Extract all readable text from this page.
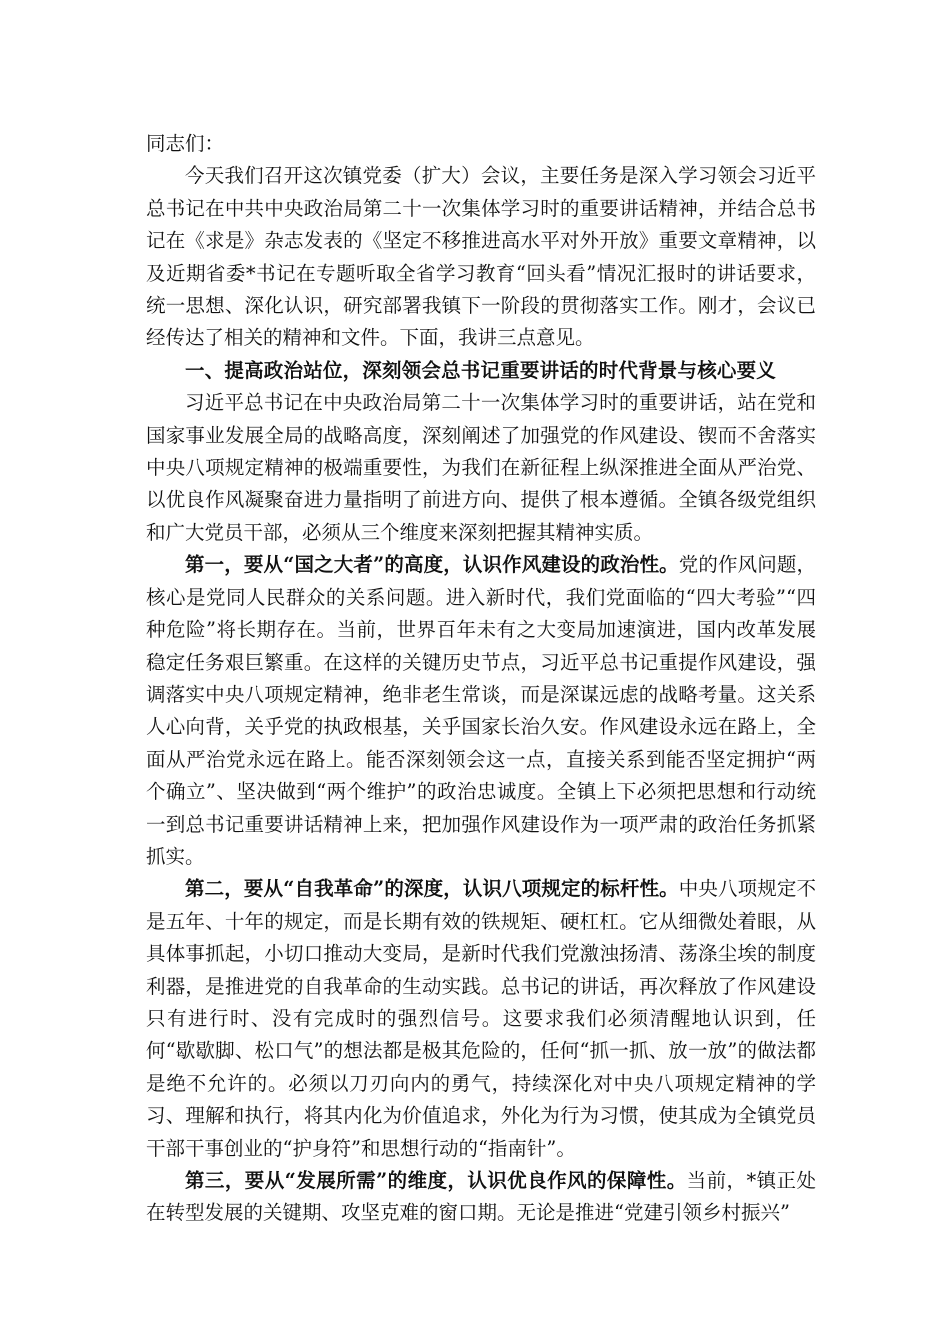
同志们：

今天我们召开这次镇党委（扩大）会议，主要任务是深入学习领会习近平总书记在中共中央政治局第二十一次集体学习时的重要讲话精神，并结合总书记在《求是》杂志发表的《坚定不移推进高水平对外开放》重要文章精神，以及近期省委*书记在专题听取全省学习教育“回头看”情况汇报时的讲话要求，统一思想、深化认识，研究部署我镇下一阶段的贯彻落实工作。刚才，会议已经传达了相关的精神和文件。下面，我讲三点意见。

一、提高政治站位，深刻领会总书记重要讲话的时代背景与核心要义

习近平总书记在中央政治局第二十一次集体学习时的重要讲话，站在党和国家事业发展全局的战略高度，深刻阐述了加强党的作风建设、锲而不舍落实中央八项规定精神的极端重要性，为我们在新征程上纵深推进全面从严治党、以优良作风凝聚奋进力量指明了前进方向、提供了根本遵循。全镇各级党组织和广大党员干部，必须从三个维度来深刻把握其精神实质。

第一，要从“国之大者”的高度，认识作风建设的政治性。党的作风问题，核心是党同人民群众的关系问题。进入新时代，我们党面临的“四大考验”“四种危险”将长期存在。当前，世界百年未有之大变局加速演进，国内改革发展稳定任务艰巨繁重。在这样的关键历史节点，习近平总书记重提作风建设，强调落实中央八项规定精神，绝非老生常谈，而是深谋远虑的战略考量。这关系人心向背，关乎党的执政根基，关乎国家长治久安。作风建设永远在路上，全面从严治党永远在路上。能否深刻领会这一点，直接关系到能否坚定拥护“两个确立”、坚决做到“两个维护”的政治忠诚度。全镇上下必须把思想和行动统一到总书记重要讲话精神上来，把加强作风建设作为一项严肃的政治任务抓紧抓实。

第二，要从“自我革命”的深度，认识八项规定的标杆性。中央八项规定不是五年、十年的规定，而是长期有效的铁规矩、硬杠杠。它从细微处着眼，从具体事抓起，小切口推动大变局，是新时代我们党激浊扬清、荡涤尘埃的制度利器，是推进党的自我革命的生动实践。总书记的讲话，再次释放了作风建设只有进行时、没有完成时的强烈信号。这要求我们必须清醒地认识到，任何“歇歇脚、松口气”的想法都是极其危险的，任何“抓一抓、放一放”的做法都是绝不允许的。必须以刀刃向内的勇气，持续深化对中央八项规定精神的学习、理解和执行，将其内化为价值追求，外化为行为习惯，使其成为全镇党员干部干事创业的“护身符”和思想行动的“指南针”。

第三，要从“发展所需”的维度，认识优良作风的保障性。当前，*镇正处在转型发展的关键期、攻坚克难的窗口期。无论是推进“党建引领乡村振兴”
